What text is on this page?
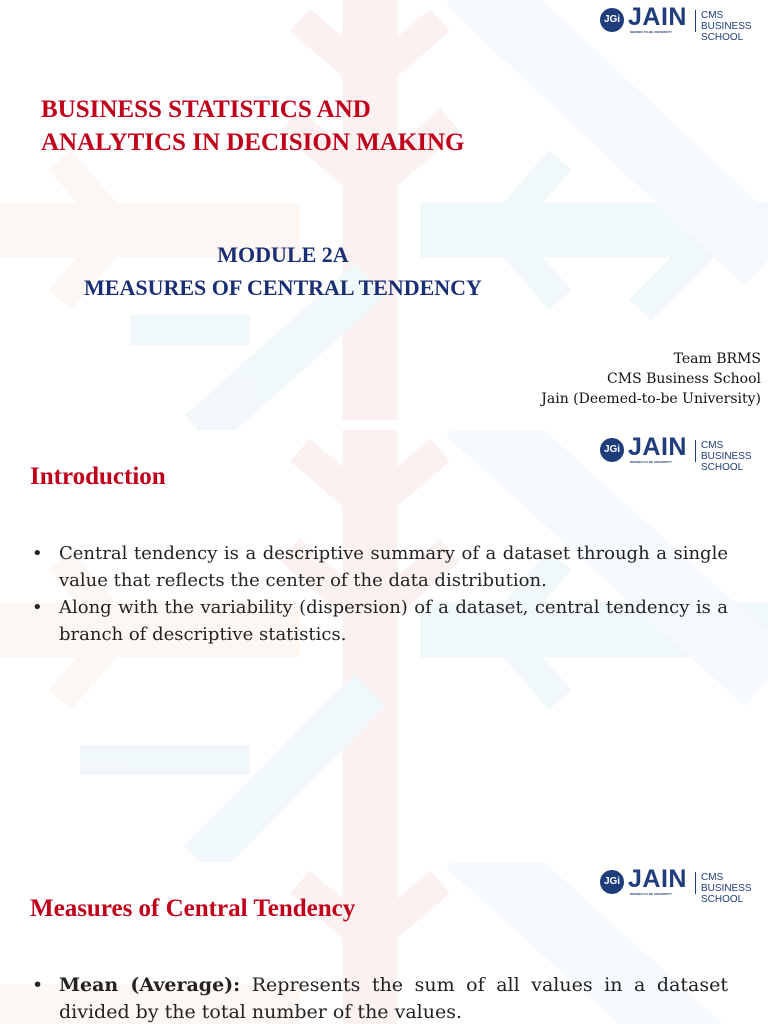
JGi JAIN
DEEMED-TO-BE UNIVERSITY
CMS BUSINESS
SCHOOL
BUSINESS STATISTICS AND
ANALYTICS IN DECISION MAKING
MODULE 2A
MEASURES OF CENTRAL TENDENCY
Team BRMS
CMS Business School
Jain (Deemed-to-be University)
JGi JAIN
DEEMED-TO-BE UNIVERSITY
CMS BUSINESS
SCHOOL
Introduction
• Central tendency is a descriptive summary of a dataset through a single value that reflects the center of the data distribution.
• Along with the variability (dispersion) of a dataset, central tendency is a branch of descriptive statistics.
JGi JAIN
DEEMED-TO-BE UNIVERSITY
CMS BUSINESS
SCHOOL
Measures of Central Tendency
• Mean (Average): Represents the sum of all values in a dataset divided by the total number of the values.
